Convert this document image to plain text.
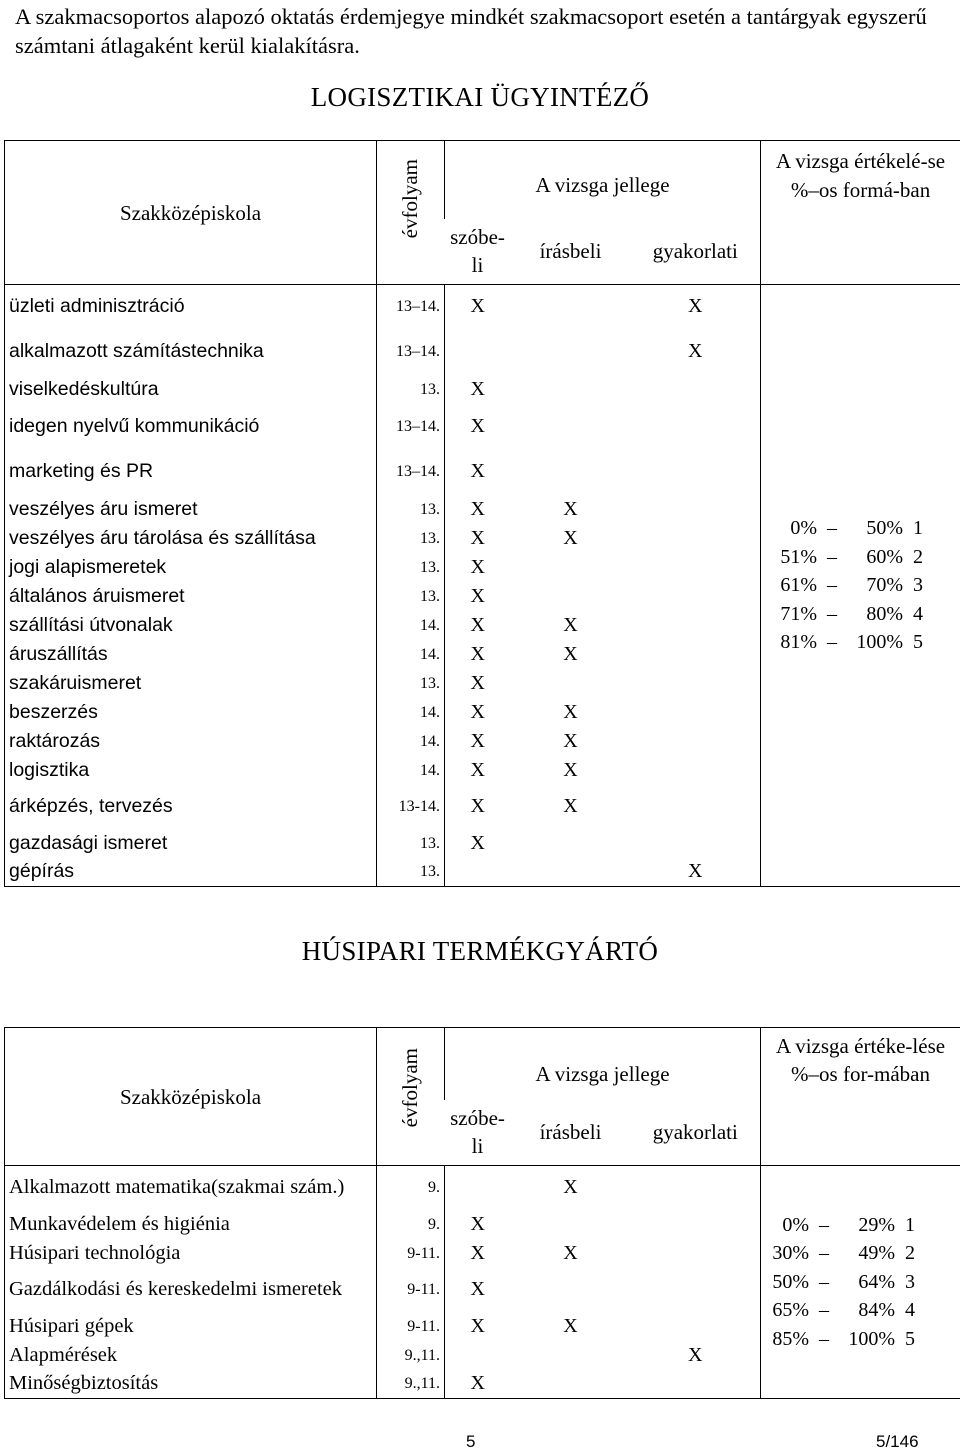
A szakmacsoportos alapozó oktatás érdemjegye mindkét szakmacsoport esetén a tantárgyak egyszerű számtani átlagaként kerül kialakításra.
LOGISZTIKAI ÜGYINTÉZŐ
Szakközépiskola	évfolyam	A vizsga jellege			A vizsga értékelé-se %–os formá-ban
		szóbe-li	írásbeli	gyakorlati	
üzleti adminisztráció	13–14.	X		X	0%–50% 1
51%–60% 2
61%–70% 3
71%–80% 4
81%–100% 5

alkalmazott számítástechnika	13–14.			X	
viselkedéskultúra	13.	X			
idegen nyelvű kommunikáció	13–14.	X			
marketing és PR	13–14.	X			
veszélyes áru ismeret	13.	X	X		
veszélyes áru tárolása és szállítása	13.	X	X		
jogi alapismeretek	13.	X			
általános áruismeret	13.	X			
szállítási útvonalak	14.	X	X		
áruszállítás	14.	X	X		
szakáruismeret	13.	X			
beszerzés	14.	X	X		
raktározás	14.	X	X		
logisztika	14.	X	X		
árképzés, tervezés	13-14.	X	X		
gazdasági ismeret	13.	X			
gépírás	13.			X	
HÚSIPARI TERMÉKGYÁRTÓ
Szakközépiskola	évfolyam	A vizsga jellege			A vizsga értéke-lése %–os for-mában
		szóbe-li	írásbeli	gyakorlati	
Alkalmazott matematika(szakmai szám.)	9.		X		0%–29% 1
30%–49% 2
50%–64% 3
65%–84% 4
85%–100% 5

Munkavédelem és higiénia	9.	X			
Húsipari technológia	9-11.	X	X		
Gazdálkodási és kereskedelmi ismeretek	9-11.	X			
Húsipari gépek	9-11.	X	X		
Alapmérések	9.,11.			X	
Minőségbiztosítás	9.,11.	X			
5	5/146
